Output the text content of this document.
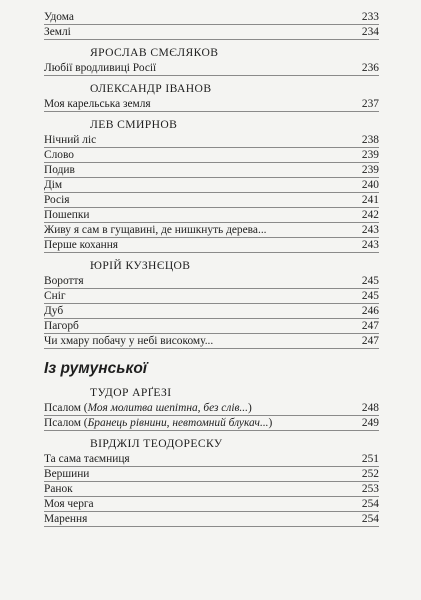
Удома	233
Землі	234
ЯРОСЛАВ СМЄЛЯКОВ
Любії вродливиці Росії	236
ОЛЕКСАНДР ІВАНОВ
Моя карельська земля	237
ЛЕВ СМИРНОВ
Нічний ліс	238
Слово	239
Подив	239
Дім	240
Росія	241
Пошепки	242
Живу я сам в гущавині, де нишкнуть дерева...	243
Перше кохання	243
ЮРІЙ КУЗНЄЦОВ
Вороття	245
Сніг	245
Дуб	246
Пагорб	247
Чи хмару побачу у небі високому...	247
Із румунської
ТУДОР АРҐЕЗІ
Псалом (Моя молитва шепітна, без слів...)	248
Псалом (Бранець рівнини, невтомний блукач...)	249
ВІРДЖІЛ ТЕОДОРЕСКУ
Та сама таємниця	251
Вершини	252
Ранок	253
Моя черга	254
Марення	254
